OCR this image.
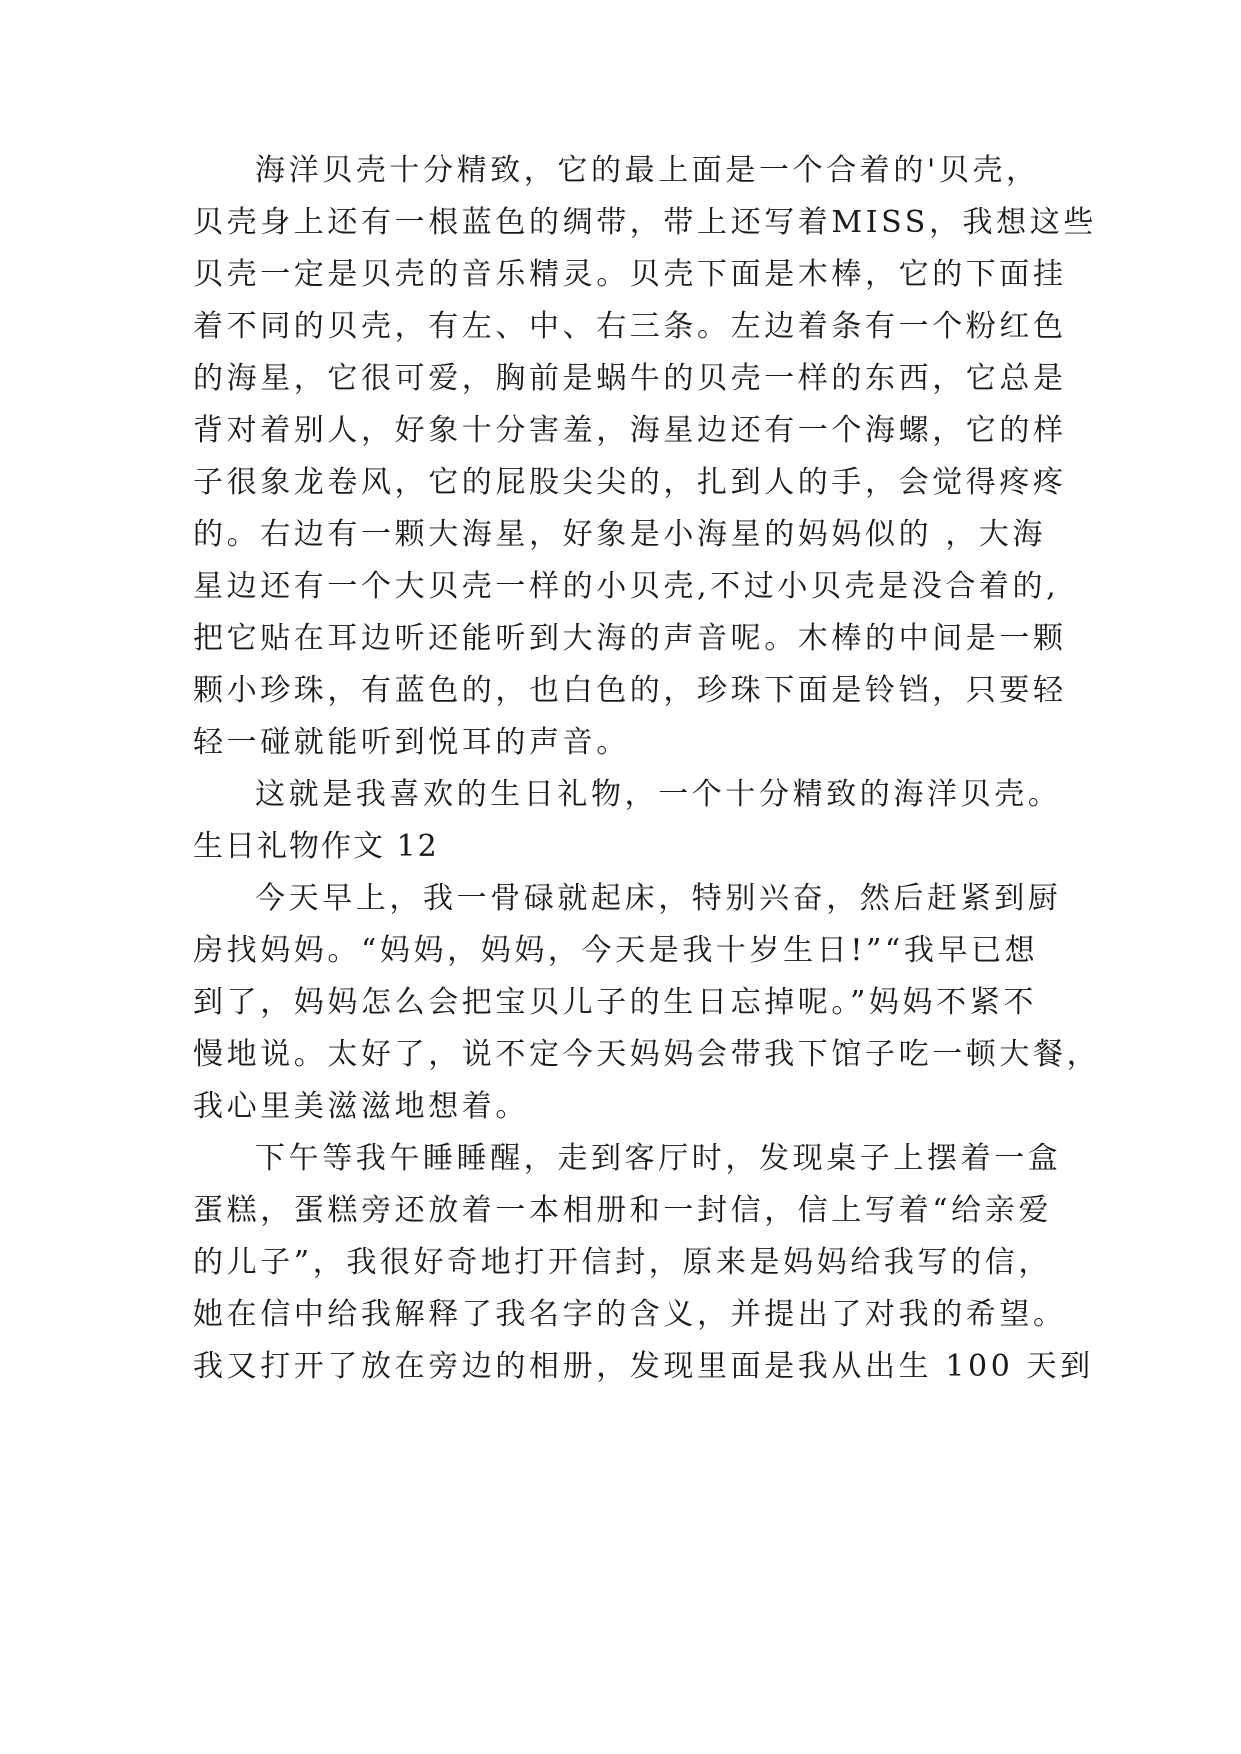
海洋贝壳十分精致，它的最上面是一个合着的'贝壳，
贝壳身上还有一根蓝色的绸带，带上还写着MISS，我想这些
贝壳一定是贝壳的音乐精灵。贝壳下面是木棒，它的下面挂
着不同的贝壳，有左、中、右三条。左边着条有一个粉红色
的海星，它很可爱，胸前是蜗牛的贝壳一样的东西，它总是
背对着别人，好象十分害羞，海星边还有一个海螺，它的样
子很象龙卷风，它的屁股尖尖的，扎到人的手，会觉得疼疼
的。右边有一颗大海星，好象是小海星的妈妈似的 ，大海
星边还有一个大贝壳一样的小贝壳,不过小贝壳是没合着的,
把它贴在耳边听还能听到大海的声音呢。木棒的中间是一颗
颗小珍珠，有蓝色的，也白色的，珍珠下面是铃铛，只要轻
轻一碰就能听到悦耳的声音。
这就是我喜欢的生日礼物，一个十分精致的海洋贝壳。
生日礼物作文 12
今天早上，我一骨碌就起床，特别兴奋，然后赶紧到厨
房找妈妈。“妈妈，妈妈，今天是我十岁生日!”“我早已想
到了，妈妈怎么会把宝贝儿子的生日忘掉呢。”妈妈不紧不
慢地说。太好了，说不定今天妈妈会带我下馆子吃一顿大餐，
我心里美滋滋地想着。
下午等我午睡睡醒，走到客厅时，发现桌子上摆着一盒
蛋糕，蛋糕旁还放着一本相册和一封信，信上写着“给亲爱
的儿子”，我很好奇地打开信封，原来是妈妈给我写的信，
她在信中给我解释了我名字的含义，并提出了对我的希望。
我又打开了放在旁边的相册，发现里面是我从出生 100 天到
